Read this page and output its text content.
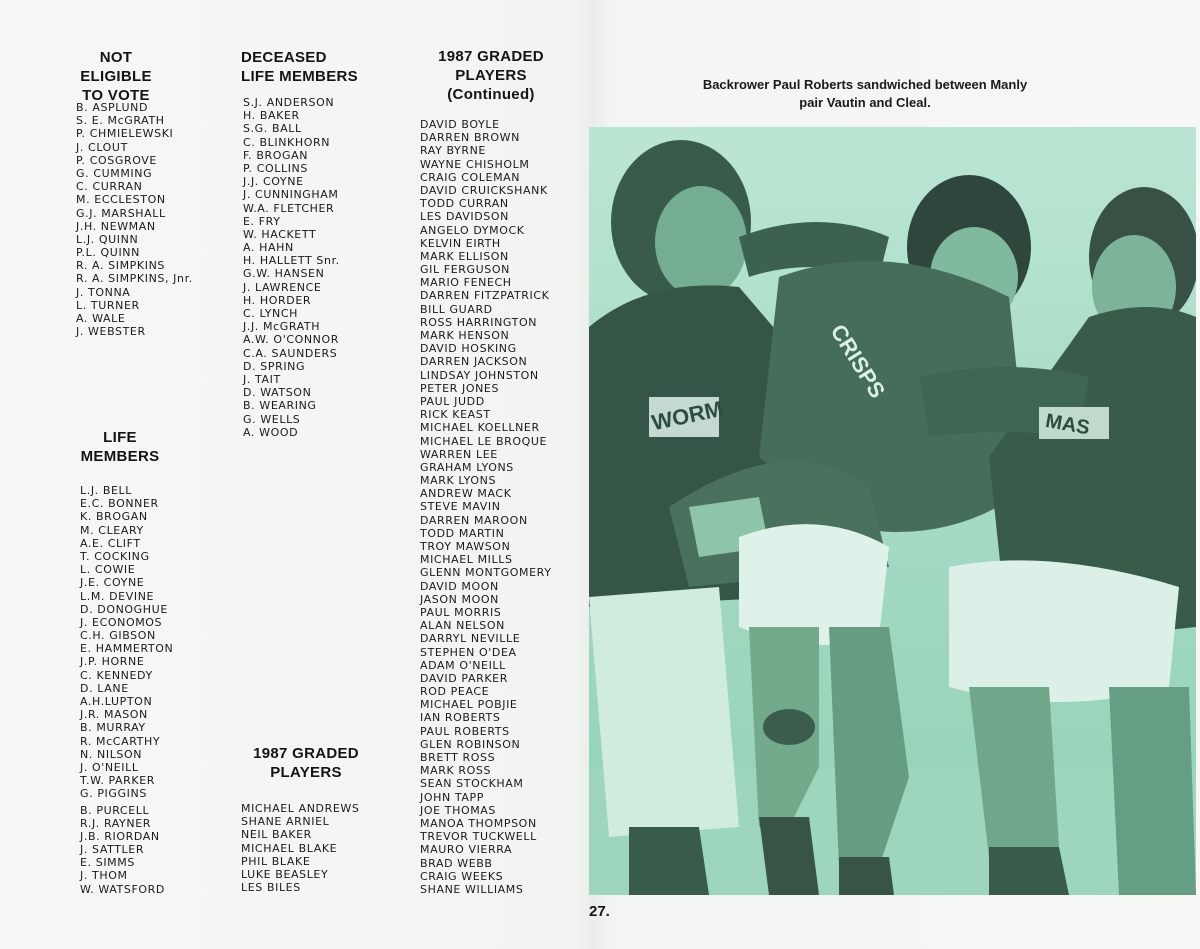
NOT ELIGIBLE
TO VOTE
B. ASPLUND
S. E. McGRATH
P. CHMIELEWSKI
J. CLOUT
P. COSGROVE
G. CUMMING
C. CURRAN
M. ECCLESTON
G.J. MARSHALL
J.H. NEWMAN
L.J. QUINN
P.L. QUINN
R. A. SIMPKINS
R. A. SIMPKINS, Jnr.
J. TONNA
L. TURNER
A. WALE
J. WEBSTER
LIFE
MEMBERS
L.J. BELL
E.C. BONNER
K. BROGAN
M. CLEARY
A.E. CLIFT
T. COCKING
L. COWIE
J.E. COYNE
L.M. DEVINE
D. DONOGHUE
J. ECONOMOS
C.H. GIBSON
E. HAMMERTON
J.P. HORNE
C. KENNEDY
D. LANE
A.H.LUPTON
J.R. MASON
B. MURRAY
R. McCARTHY
N. NILSON
J. O'NEILL
T.W. PARKER
G. PIGGINS
B. PURCELL
R.J. RAYNER
J.B. RIORDAN
J. SATTLER
E. SIMMS
J. THOM
W. WATSFORD
DECEASED
LIFE MEMBERS
S.J. ANDERSON
H. BAKER
S.G. BALL
C. BLINKHORN
F. BROGAN
P. COLLINS
J.J. COYNE
J. CUNNINGHAM
W.A. FLETCHER
E. FRY
W. HACKETT
A. HAHN
H. HALLETT Snr.
G.W. HANSEN
J. LAWRENCE
H. HORDER
C. LYNCH
J.J. McGRATH
A.W. O'CONNOR
C.A. SAUNDERS
D. SPRING
J. TAIT
D. WATSON
B. WEARING
G. WELLS
A. WOOD
1987 GRADED
PLAYERS
MICHAEL ANDREWS
SHANE ARNIEL
NEIL BAKER
MICHAEL BLAKE
PHIL BLAKE
LUKE BEASLEY
LES BILES
1987 GRADED
PLAYERS
(Continued)
DAVID BOYLE
DARREN BROWN
RAY BYRNE
WAYNE CHISHOLM
CRAIG COLEMAN
DAVID CRUICKSHANK
TODD CURRAN
LES DAVIDSON
ANGELO DYMOCK
KELVIN EIRTH
MARK ELLISON
GIL FERGUSON
MARIO FENECH
DARREN FITZPATRICK
BILL GUARD
ROSS HARRINGTON
MARK HENSON
DAVID HOSKING
DARREN JACKSON
LINDSAY JOHNSTON
PETER JONES
PAUL JUDD
RICK KEAST
MICHAEL KOELLNER
MICHAEL LE BROQUE
WARREN LEE
GRAHAM LYONS
MARK LYONS
ANDREW MACK
STEVE MAVIN
DARREN MAROON
TODD MARTIN
TROY MAWSON
MICHAEL MILLS
GLENN MONTGOMERY
DAVID MOON
JASON MOON
PAUL MORRIS
ALAN NELSON
DARRYL NEVILLE
STEPHEN O'DEA
ADAM O'NEILL
DAVID PARKER
ROD PEACE
MICHAEL POBJIE
IAN ROBERTS
PAUL ROBERTS
GLEN ROBINSON
BRETT ROSS
MARK ROSS
SEAN STOCKHAM
JOHN TAPP
JOE THOMAS
MANOA THOMPSON
TREVOR TUCKWELL
MAURO VIERRA
BRAD WEBB
CRAIG WEEKS
SHANE WILLIAMS
Backrower Paul Roberts sandwiched between Manly
pair Vautin and Cleal.
WORM
CRISPS
MAS
27.
